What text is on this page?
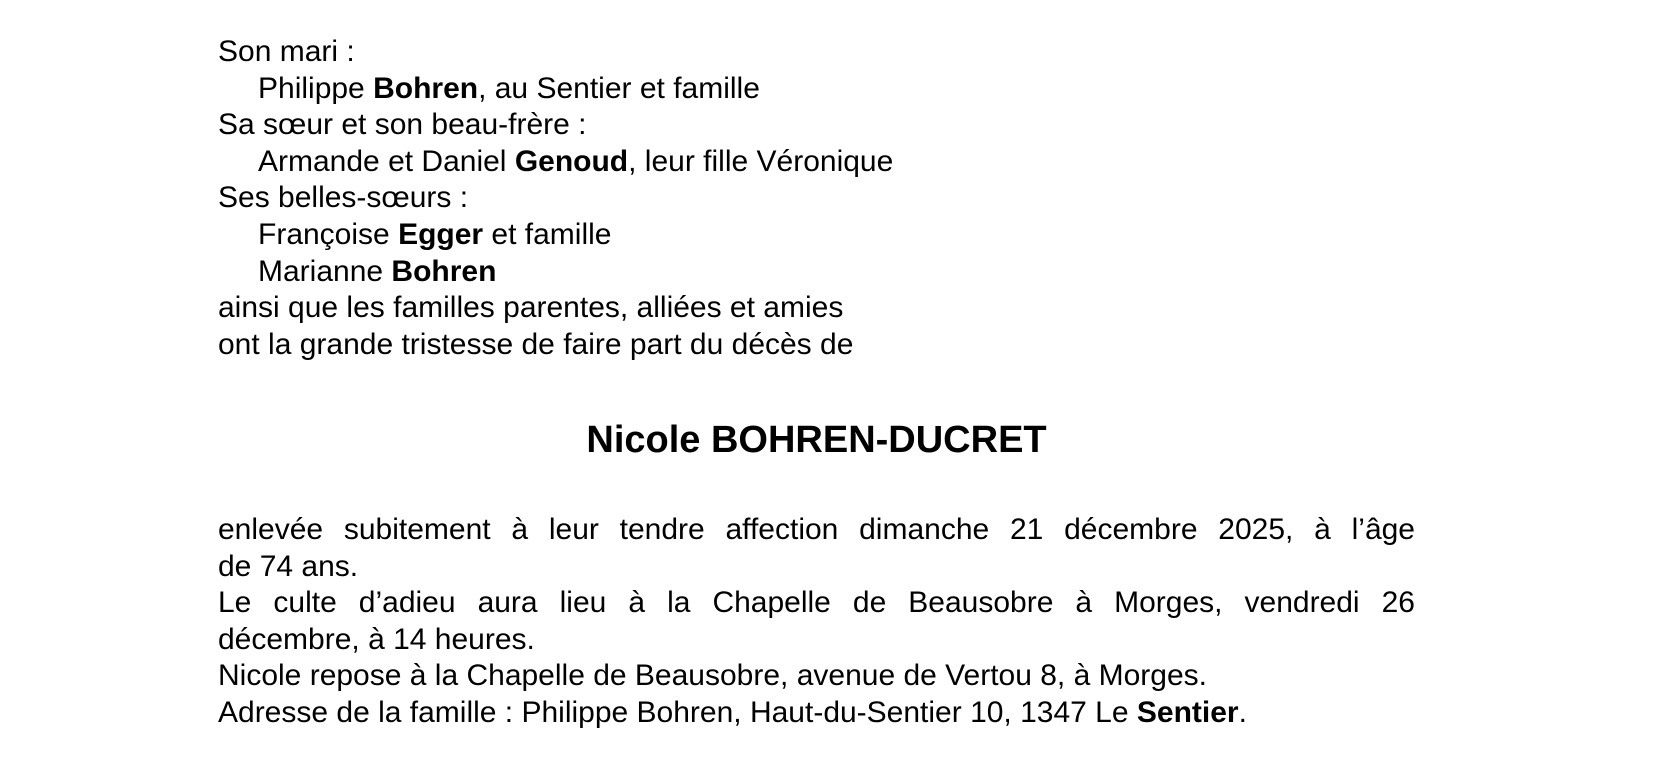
Son mari :
Philippe Bohren, au Sentier et famille
Sa sœur et son beau-frère :
Armande et Daniel Genoud, leur fille Véronique
Ses belles-sœurs :
Françoise Egger et famille
Marianne Bohren
ainsi que les familles parentes, alliées et amies
ont la grande tristesse de faire part du décès de
Nicole BOHREN-DUCRET
enlevée subitement à leur tendre affection dimanche 21 décembre 2025, à l’âge
de 74 ans.
Le culte d’adieu aura lieu à la Chapelle de Beausobre à Morges, vendredi 26
décembre, à 14 heures.
Nicole repose à la Chapelle de Beausobre, avenue de Vertou 8, à Morges.
Adresse de la famille : Philippe Bohren, Haut-du-Sentier 10, 1347 Le Sentier.
